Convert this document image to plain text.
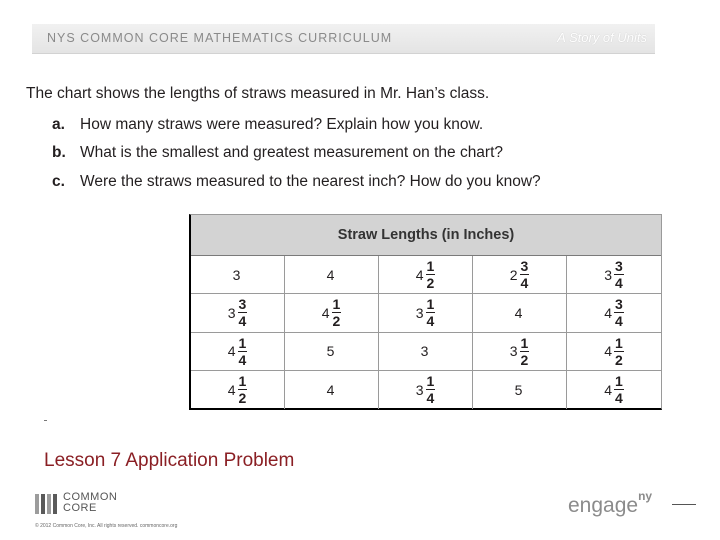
NYS COMMON CORE MATHEMATICS CURRICULUM	A Story of Units
The chart shows the lengths of straws measured in Mr. Han’s class.
a. How many straws were measured? Explain how you know.
b. What is the smallest and greatest measurement on the chart?
c. Were the straws measured to the nearest inch? How do you know?
Straw Lengths (in Inches)
3	4	$4 \frac{1}{2}$	$2 \frac{3}{4}$	$3 \frac{3}{4}$
$3 \frac{3}{4}$	$4 \frac{1}{2}$	$3 \frac{1}{4}$	4	$4 \frac{3}{4}$
$4 \frac{1}{4}$	5	3	$3 \frac{1}{2}$	$4 \frac{1}{2}$
$4 \frac{1}{2}$	4	$3 \frac{1}{4}$	5	$4 \frac{1}{4}$
Lesson 7 Application Problem
COMMON
CORE
© 2012 Common Core, Inc. All rights reserved. commoncore.org
engage$^{ny}$
